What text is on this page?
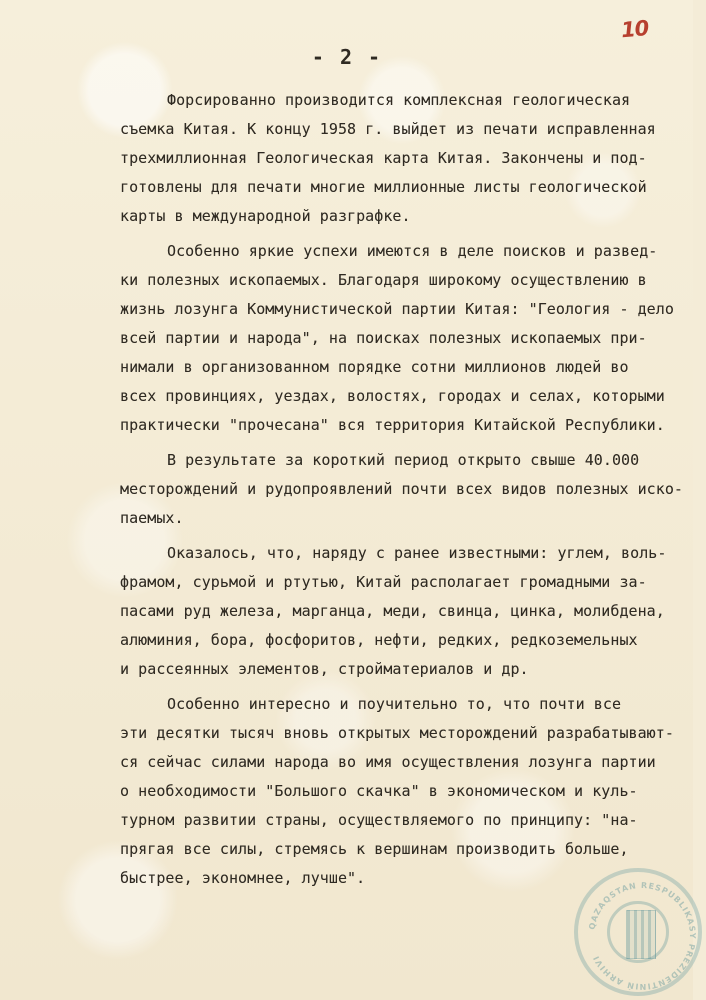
10
- 2 -
Форсированно производится комплексная геологическая
съемка Китая. К концу 1958 г. выйдет из печати исправленная
трехмиллионная Геологическая карта Китая. Закончены и под-
готовлены для печати многие миллионные листы геологической
карты в международной разграфке.
Особенно яркие успехи имеются в деле поисков и развед-
ки полезных ископаемых. Благодаря широкому осуществлению в
жизнь лозунга Коммунистической партии Китая: "Геология - дело
всей партии и народа", на поисках полезных ископаемых при-
нимали в организованном порядке сотни миллионов людей во
всех провинциях, уездах, волостях, городах и селах, которыми
практически "прочесана" вся территория Китайской Республики.
В результате за короткий период открыто свыше 40.000
месторождений и рудопроявлений почти всех видов полезных иско-
паемых.
Оказалось, что, наряду с ранее известными: углем, воль-
фрамом, сурьмой и ртутью, Китай располагает громадными за-
пасами руд железа, марганца, меди, свинца, цинка, молибдена,
алюминия, бора, фосфоритов, нефти, редких, редкоземельных
и рассеянных элементов, стройматериалов и др.
Особенно интересно и поучительно то, что почти все
эти десятки тысяч вновь открытых месторождений разрабатывают-
ся сейчас силами народа во имя осуществления лозунга партии
о необходимости "Большого скачка" в экономическом и куль-
турном развитии страны, осуществляемого по принципу: "на-
прягая все силы, стремясь к вершинам производить больше,
быстрее, экономнее, лучше".
QAZAQSTAN RESPUBLIKASY PREZIDENTINIŃ ARHIVI
